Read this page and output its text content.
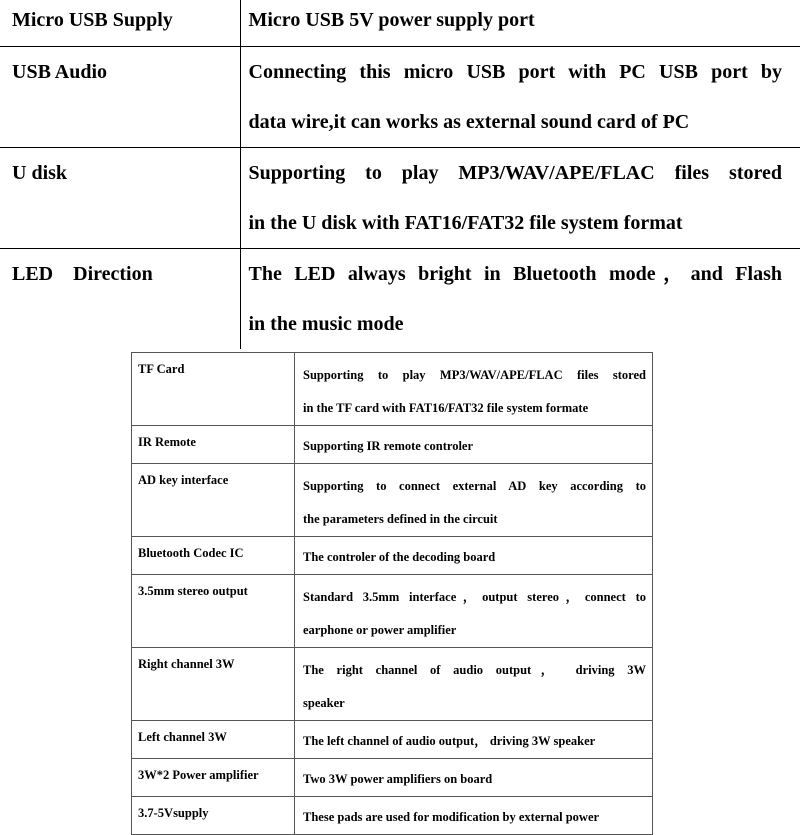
Micro USB Supply	Micro USB 5V power supply port

USB Audio	Connecting this micro USB port with PC USB port by
data wire,it can works as external sound card of PC

U disk	Supporting to play MP3/WAV/APE/FLAC files stored
in the U disk with FAT16/FAT32 file system format

LED    Direction	The LED always bright in Bluetooth mode，and Flash
in the music mode
TF Card	Supporting to play MP3/WAV/APE/FLAC files stored
in the TF card with FAT16/FAT32 file system formate

IR Remote	Supporting IR remote controler

AD key interface	Supporting to connect external AD key according to
the parameters defined in the circuit

Bluetooth Codec IC	The controler of the decoding board

3.5mm stereo output	Standard 3.5mm interface，output stereo，connect to
earphone or power amplifier

Right channel 3W	The right channel of audio output， driving 3W
speaker

Left channel 3W	The left channel of audio output， driving 3W speaker

3W*2 Power amplifier	Two 3W power amplifiers on board

3.7-5Vsupply	These pads are used for modification by external power
